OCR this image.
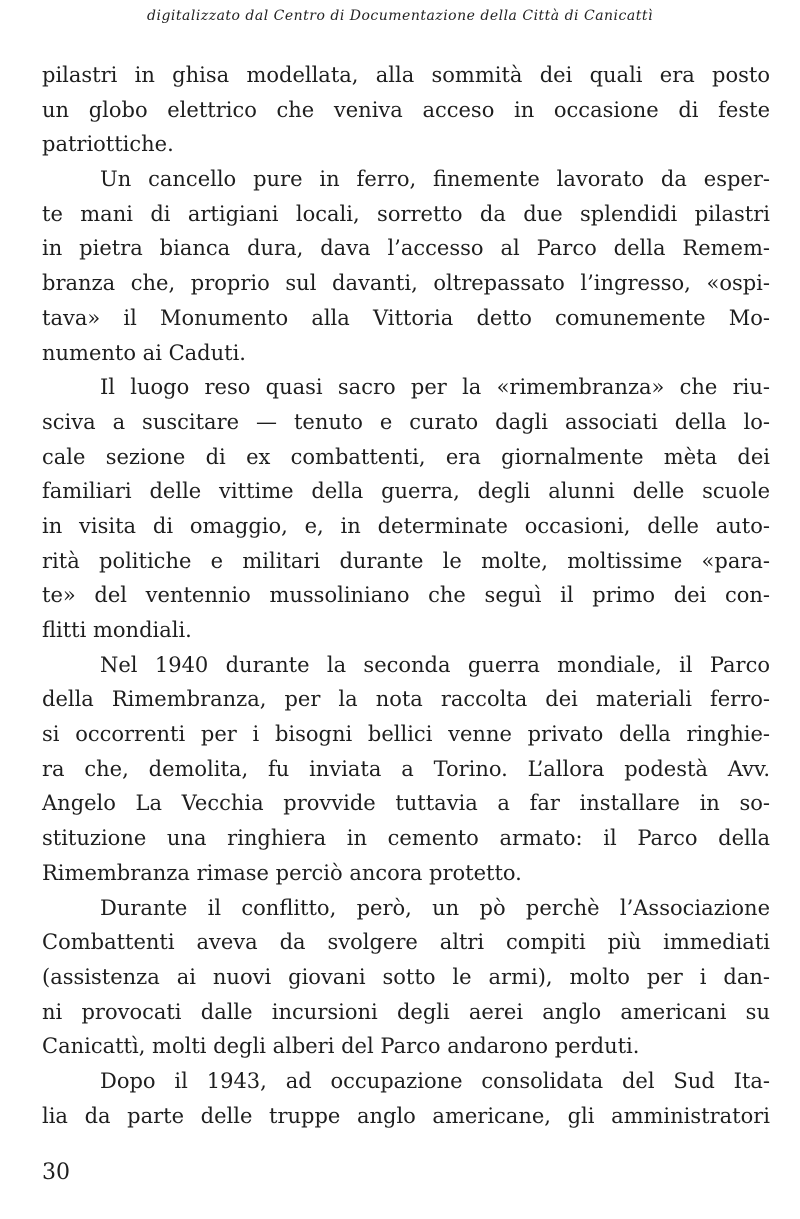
digitalizzato dal Centro di Documentazione della Città di Canicattì
pilastri in ghisa modellata, alla sommità dei quali era posto
un globo elettrico che veniva acceso in occasione di feste
patriottiche.
Un cancello pure in ferro, finemente lavorato da esper-
te mani di artigiani locali, sorretto da due splendidi pilastri
in pietra bianca dura, dava l’accesso al Parco della Remem-
branza che, proprio sul davanti, oltrepassato l’ingresso, «ospi-
tava» il Monumento alla Vittoria detto comunemente Mo-
numento ai Caduti.
Il luogo reso quasi sacro per la «rimembranza» che riu-
sciva a suscitare — tenuto e curato dagli associati della lo-
cale sezione di ex combattenti, era giornalmente mèta dei
familiari delle vittime della guerra, degli alunni delle scuole
in visita di omaggio, e, in determinate occasioni, delle auto-
rità politiche e militari durante le molte, moltissime «para-
te» del ventennio mussoliniano che seguì il primo dei con-
flitti mondiali.
Nel 1940 durante la seconda guerra mondiale, il Parco
della Rimembranza, per la nota raccolta dei materiali ferro-
si occorrenti per i bisogni bellici venne privato della ringhie-
ra che, demolita, fu inviata a Torino. L’allora podestà Avv.
Angelo La Vecchia provvide tuttavia a far installare in so-
stituzione una ringhiera in cemento armato: il Parco della
Rimembranza rimase perciò ancora protetto.
Durante il conflitto, però, un pò perchè l’Associazione
Combattenti aveva da svolgere altri compiti più immediati
(assistenza ai nuovi giovani sotto le armi), molto per i dan-
ni provocati dalle incursioni degli aerei anglo americani su
Canicattì, molti degli alberi del Parco andarono perduti.
Dopo il 1943, ad occupazione consolidata del Sud Ita-
lia da parte delle truppe anglo americane, gli amministratori
30
